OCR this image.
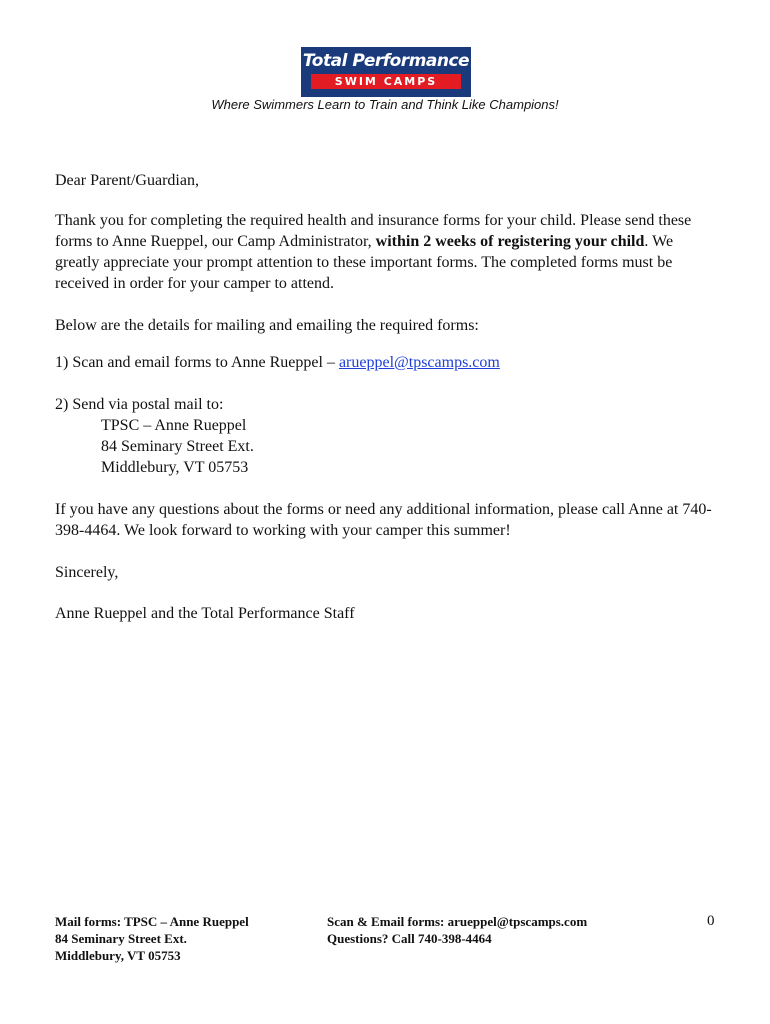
Total Performance
SWIM CAMPS
Where Swimmers Learn to Train and Think Like Champions!
Dear Parent/Guardian,
Thank you for completing the required health and insurance forms for your child. Please send these forms to Anne Rueppel, our Camp Administrator, within 2 weeks of registering your child. We greatly appreciate your prompt attention to these important forms. The completed forms must be received in order for your camper to attend.
Below are the details for mailing and emailing the required forms:
1) Scan and email forms to Anne Rueppel – arueppel@tpscamps.com
2) Send via postal mail to:
TPSC – Anne Rueppel
84 Seminary Street Ext.
Middlebury, VT 05753
If you have any questions about the forms or need any additional information, please call Anne at 740-398-4464. We look forward to working with your camper this summer!
Sincerely,
Anne Rueppel and the Total Performance Staff
Mail forms: TPSC – Anne Rueppel
84 Seminary Street Ext.
Middlebury, VT 05753
Scan & Email forms: arueppel@tpscamps.com
Questions? Call 740-398-4464
0
